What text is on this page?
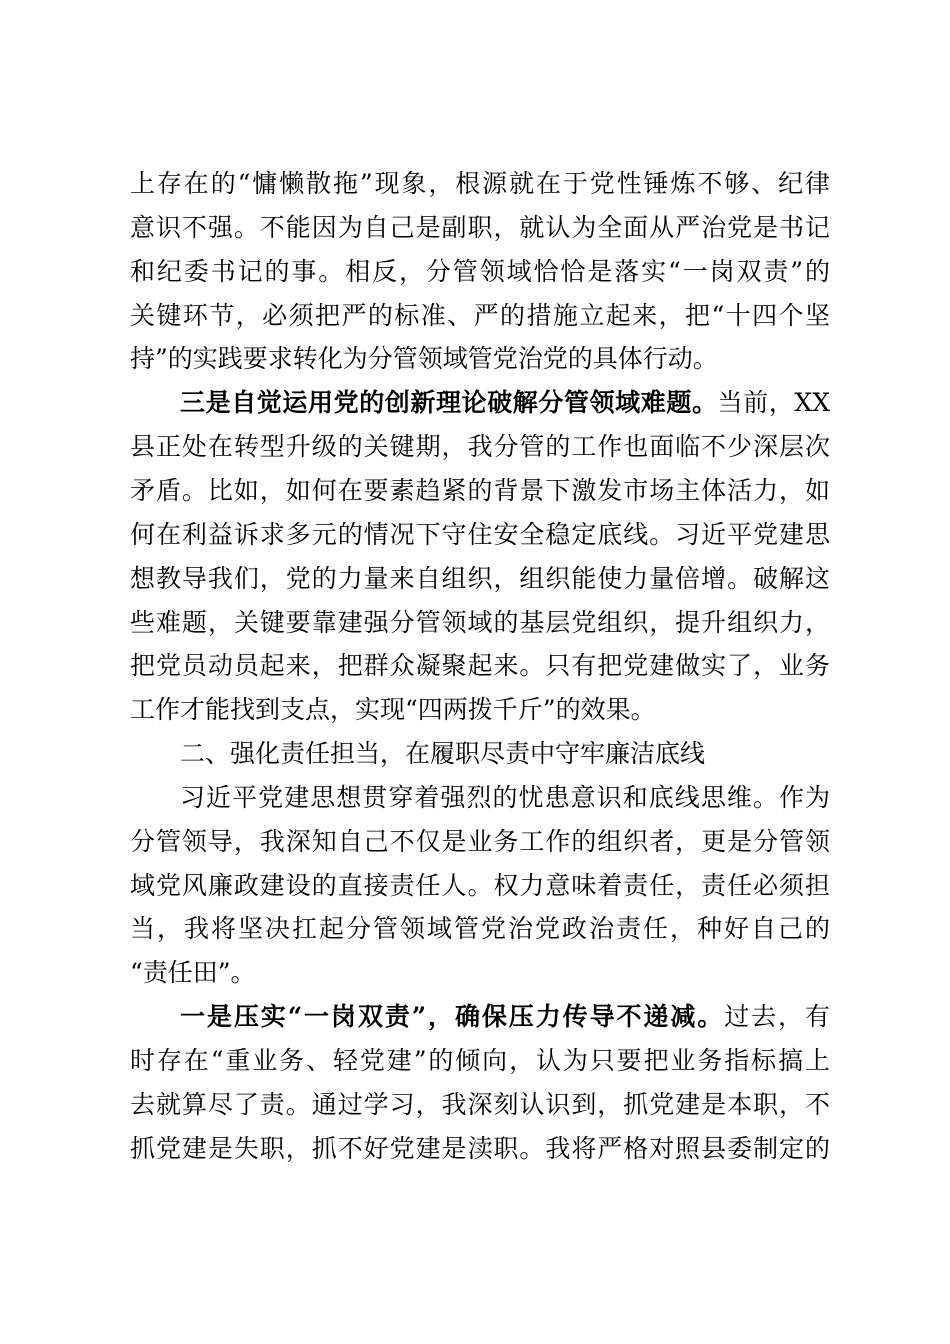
上存在的“慵懒散拖”现象，根源就在于党性锤炼不够、纪律
意识不强。不能因为自己是副职，就认为全面从严治党是书记
和纪委书记的事。相反，分管领域恰恰是落实“一岗双责”的
关键环节，必须把严的标准、严的措施立起来，把“十四个坚
持”的实践要求转化为分管领域管党治党的具体行动。
三是自觉运用党的创新理论破解分管领域难题。当前，XX
县正处在转型升级的关键期，我分管的工作也面临不少深层次
矛盾。比如，如何在要素趋紧的背景下激发市场主体活力，如
何在利益诉求多元的情况下守住安全稳定底线。习近平党建思
想教导我们，党的力量来自组织，组织能使力量倍增。破解这
些难题，关键要靠建强分管领域的基层党组织，提升组织力，
把党员动员起来，把群众凝聚起来。只有把党建做实了，业务
工作才能找到支点，实现“四两拨千斤”的效果。
二、强化责任担当，在履职尽责中守牢廉洁底线
习近平党建思想贯穿着强烈的忧患意识和底线思维。作为
分管领导，我深知自己不仅是业务工作的组织者，更是分管领
域党风廉政建设的直接责任人。权力意味着责任，责任必须担
当，我将坚决扛起分管领域管党治党政治责任，种好自己的
“责任田”。
一是压实“一岗双责”，确保压力传导不递减。过去，有
时存在“重业务、轻党建”的倾向，认为只要把业务指标搞上
去就算尽了责。通过学习，我深刻认识到，抓党建是本职，不
抓党建是失职，抓不好党建是渎职。我将严格对照县委制定的
